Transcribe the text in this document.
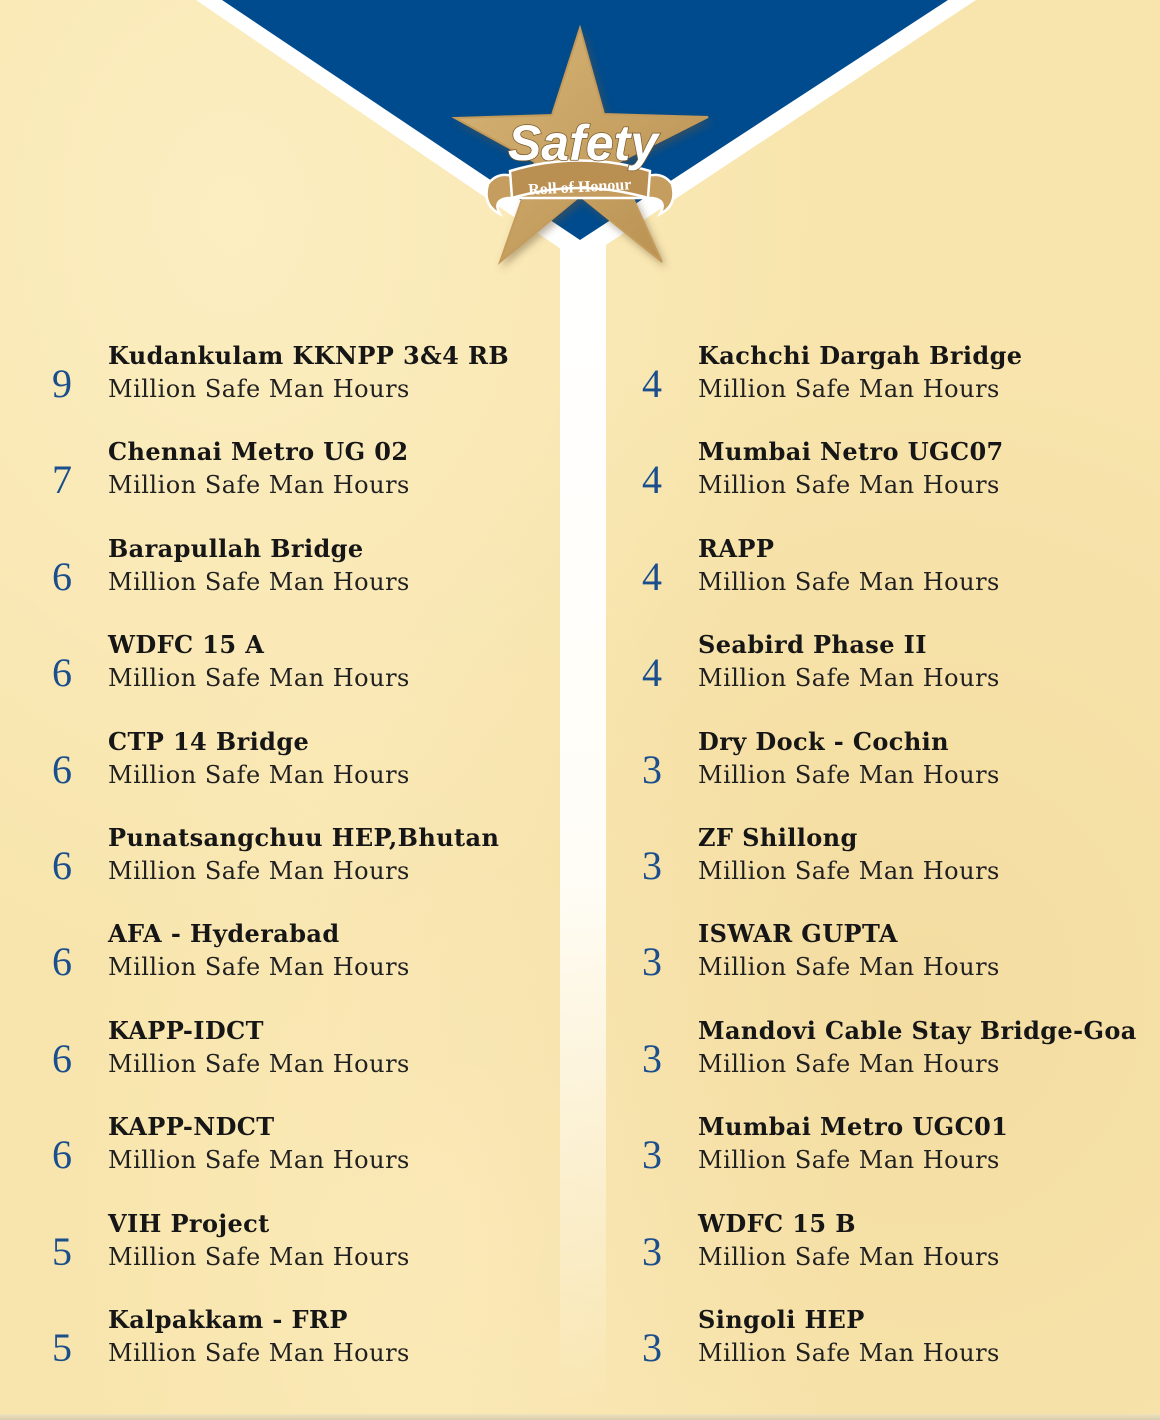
Safety
Roll of Honour
9
Kudankulam KKNPP 3&4 RB
Million Safe Man Hours
7
Chennai Metro UG 02
Million Safe Man Hours
6
Barapullah Bridge
Million Safe Man Hours
6
WDFC 15 A
Million Safe Man Hours
6
CTP 14 Bridge
Million Safe Man Hours
6
Punatsangchuu HEP,Bhutan
Million Safe Man Hours
6
AFA - Hyderabad
Million Safe Man Hours
6
KAPP-IDCT
Million Safe Man Hours
6
KAPP-NDCT
Million Safe Man Hours
5
VIH Project
Million Safe Man Hours
5
Kalpakkam - FRP
Million Safe Man Hours
4
Kachchi Dargah Bridge
Million Safe Man Hours
4
Mumbai Netro UGC07
Million Safe Man Hours
4
RAPP
Million Safe Man Hours
4
Seabird Phase II
Million Safe Man Hours
3
Dry Dock - Cochin
Million Safe Man Hours
3
ZF Shillong
Million Safe Man Hours
3
ISWAR GUPTA
Million Safe Man Hours
3
Mandovi Cable Stay Bridge-Goa
Million Safe Man Hours
3
Mumbai Metro UGC01
Million Safe Man Hours
3
WDFC 15 B
Million Safe Man Hours
3
Singoli HEP
Million Safe Man Hours
